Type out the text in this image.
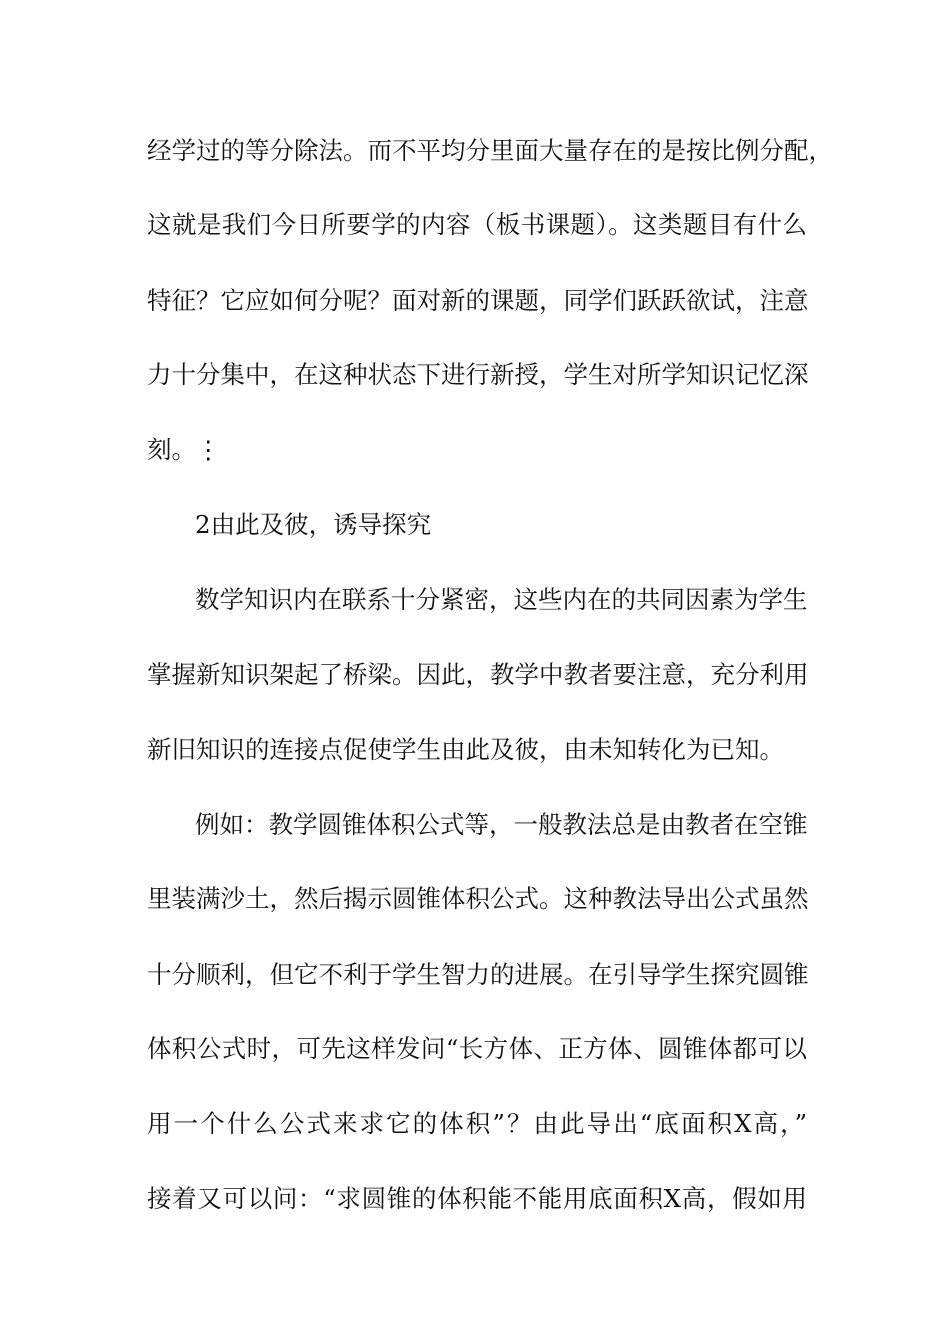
经学过的等分除法。而不平均分里面大量存在的是按比例分配，
这就是我们今日所要学的内容（板书课题）。这类题目有什么
特征？它应如何分呢？面对新的课题，同学们跃跃欲试，注意
力十分集中，在这种状态下进行新授，学生对所学知识记忆深
刻。⋮
2由此及彼，诱导探究
数学知识内在联系十分紧密，这些内在的共同因素为学生
掌握新知识架起了桥梁。因此，教学中教者要注意，充分利用
新旧知识的连接点促使学生由此及彼，由未知转化为已知。
例如：教学圆锥体积公式等，一般教法总是由教者在空锥
里装满沙土，然后揭示圆锥体积公式。这种教法导出公式虽然
十分顺利，但它不利于学生智力的进展。在引导学生探究圆锥
体积公式时，可先这样发问“长方体、正方体、圆锥体都可以
用一个什么公式来求它的体积”？由此导出“底面积X高，”
接着又可以问：“求圆锥的体积能不能用底面积X高，假如用
